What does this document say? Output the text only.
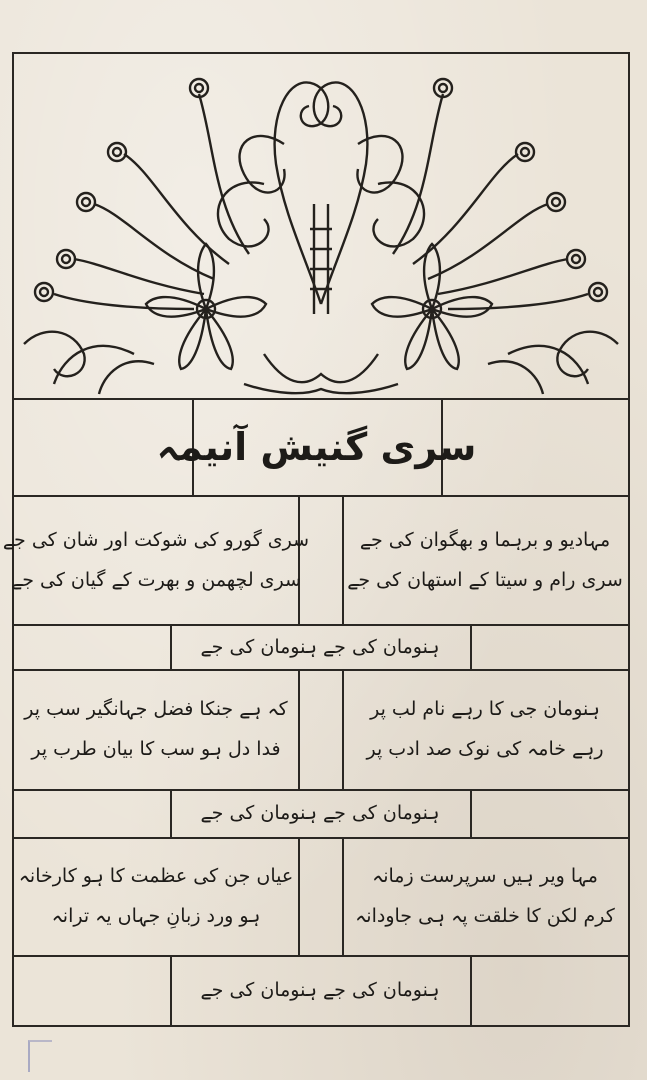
سری گنیش آنیمہ
مہادیو و برہما و بھگوان کی جے
سری رام و سیتا کے استھان کی جے
سری گورو کی شوکت اور شان کی جے
سری لچھمن و بھرت کے گیان کی جے
ہنومان کی جے ہنومان کی جے
ہنومان جی کا رہے نام لب پر
رہے خامہ کی نوک صد ادب پر
کہ ہے جنکا فضل جہانگیر سب پر
فدا دل ہو سب کا بیان طرب پر
ہنومان کی جے ہنومان کی جے
مہا ویر ہیں سرپرست زمانہ
کرم لکن کا خلقت پہ ہی جاودانہ
عیاں جن کی عظمت کا ہو کارخانہ
ہو ورد زبانِ جہاں یہ ترانہ
ہنومان کی جے ہنومان کی جے
